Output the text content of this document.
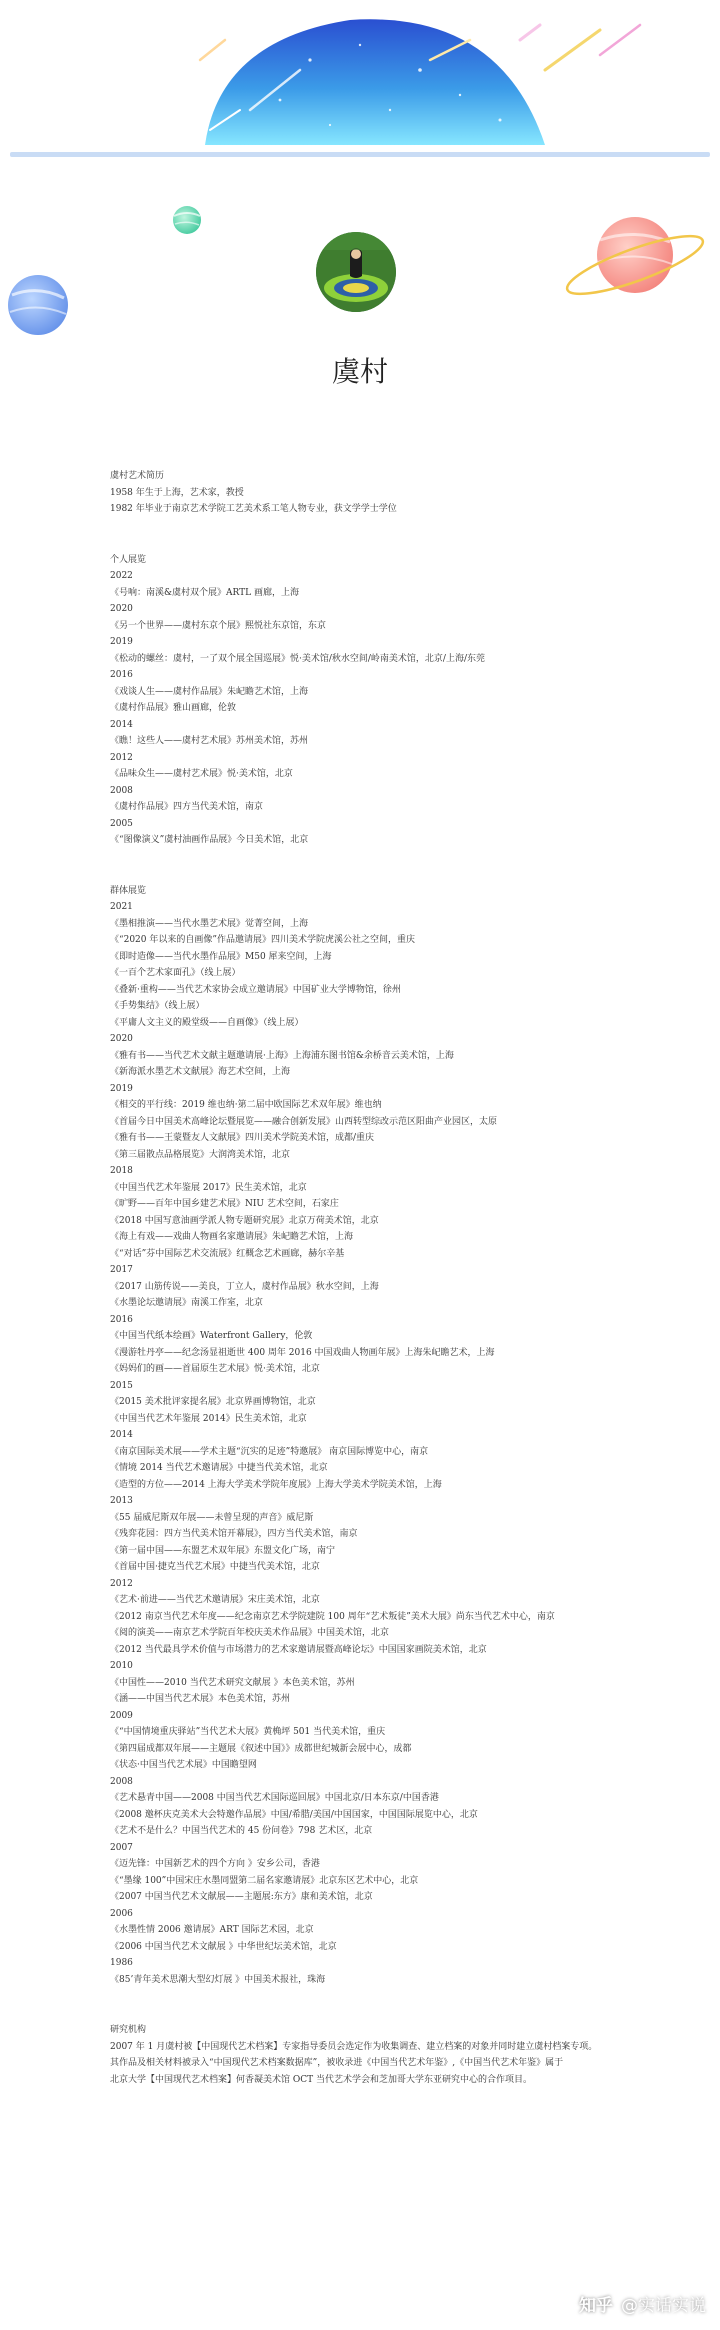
虞村
虞村艺术简历
1958 年生于上海，艺术家，教授
1982 年毕业于南京艺术学院工艺美术系工笔人物专业，获文学学士学位
个人展览
2022
《号响：南溪&虞村双个展》ARTL 画廊，上海
2020
《另一个世界——虞村东京个展》熙悦社东京馆，东京
2019
《松动的螺丝：虞村，一了双个展全国巡展》悦·美术馆/秋水空间/岭南美术馆，北京/上海/东莞
2016
《戏谈人生——虞村作品展》朱屺瞻艺术馆，上海
《虞村作品展》雅山画廊，伦敦
2014
《瞧！这些人——虞村艺术展》苏州美术馆，苏州
2012
《品味众生——虞村艺术展》悦·美术馆，北京
2008
《虞村作品展》四方当代美术馆，南京
2005
《“图像演义”虞村油画作品展》今日美术馆，北京
群体展览
2021
《墨相推演——当代水墨艺术展》觉菁空间，上海
《“2020 年以来的自画像”作品邀请展》四川美术学院虎溪公社之空间，重庆
《即时造像——当代水墨作品展》M50 犀来空间，上海
《一百个艺术家面孔》（线上展）
《叠新·重构——当代艺术家协会成立邀请展》中国矿业大学博物馆，徐州
《手势集结》（线上展）
《平庸人文主义的殿堂级——自画像》（线上展）
2020
《雅有书——当代艺术文献主题邀请展·上海》上海浦东图书馆&余桥音云美术馆，上海
《新海派水墨艺术文献展》海艺术空间，上海
2019
《相交的平行线：2019 维也纳·第二届中欧国际艺术双年展》维也纳
《首届今日中国美术高峰论坛暨展览——融合创新发展》山西转型综改示范区阳曲产业园区，太原
《雅有书——王蒙暨友人文献展》四川美术学院美术馆，成都/重庆
《第三届散点品格展览》大润湾美术馆，北京
2018
《中国当代艺术年鉴展 2017》民生美术馆，北京
《旷野——百年中国乡建艺术展》NIU 艺术空间，石家庄
《2018 中国写意油画学派人物专题研究展》北京万荷美术馆，北京
《海上有戏——戏曲人物画名家邀请展》朱屺瞻艺术馆，上海
《“对话”芬中国际艺术交流展》红概念艺术画廊，赫尔辛基
2017
《2017 山筋传说——美良，丁立人，虞村作品展》秋水空间，上海
《水墨论坛邀请展》南溪工作室，北京
2016
《中国当代纸本绘画》Waterfront Gallery，伦敦
《漫游牡丹亭——纪念汤显祖逝世 400 周年 2016 中国戏曲人物画年展》上海朱屺瞻艺术，上海
《妈妈们的画——首届原生艺术展》悦·美术馆，北京
2015
《2015 美术批评家提名展》北京界画博物馆，北京
《中国当代艺术年鉴展 2014》民生美术馆，北京
2014
《南京国际美术展——学术主题“沉实的足迹”特邀展》 南京国际博览中心，南京
《情境 2014 当代艺术邀请展》中捷当代美术馆，北京
《造型的方位——2014 上海大学美术学院年度展》上海大学美术学院美术馆，上海
2013
《55 届威尼斯双年展——未曾呈现的声音》威尼斯
《残弈花园：四方当代美术馆开幕展》，四方当代美术馆，南京
《第一届中国——东盟艺术双年展》东盟文化广场，南宁
《首届中国·捷克当代艺术展》中捷当代美术馆，北京
2012
《艺术·前进——当代艺术邀请展》宋庄美术馆，北京
《2012 南京当代艺术年度——纪念南京艺术学院建院 100 周年“艺术叛徒”美术大展》尚东当代艺术中心，南京
《阅的演美——南京艺术学院百年校庆美术作品展》中国美术馆，北京
《2012 当代最具学术价值与市场潜力的艺术家邀请展暨高峰论坛》中国国家画院美术馆，北京
2010
《中国性——2010 当代艺术研究文献展 》本色美术馆，苏州
《涵——中国当代艺术展》本色美术馆，苏州
2009
《“中国情境重庆驿站”当代艺术大展》黄桷坪 501 当代美术馆，重庆
《第四届成都双年展——主题展《叙述中国》》成都世纪城新会展中心，成都
《状态·中国当代艺术展》中国瞻望网
2008
《艺术悬青中国——2008 中国当代艺术国际巡回展》中国北京/日本东京/中国香港
《2008 邀杯庆克美术大会特邀作品展》中国/希腊/美国/中国国家，中国国际展览中心，北京
《艺术不是什么？中国当代艺术的 45 份问卷》798 艺术区，北京
2007
《迈先锋：中国新艺术的四个方向 》安乡公司，香港
《“墨缘 100”中国宋庄水墨同盟第二届名家邀请展》北京东区艺术中心，北京
《2007 中国当代艺术文献展——主题展:东方》康和美术馆，北京
2006
《水墨性情 2006 邀请展》ART 国际艺术园，北京
《2006 中国当代艺术文献展 》中华世纪坛美术馆，北京
1986
《85’青年美术思潮大型幻灯展 》中国美术报社，珠海
研究机构
2007 年 1 月虞村被【中国现代艺术档案】专家指导委员会选定作为收集调查、建立档案的对象并同时建立虞村档案专项。
其作品及相关材料被录入“中国现代艺术档案数据库”，被收录进《中国当代艺术年鉴》,《中国当代艺术年鉴》属于
北京大学【中国现代艺术档案】何香凝美术馆 OCT 当代艺术学会和芝加哥大学东亚研究中心的合作项目。
知乎 @实话实说
